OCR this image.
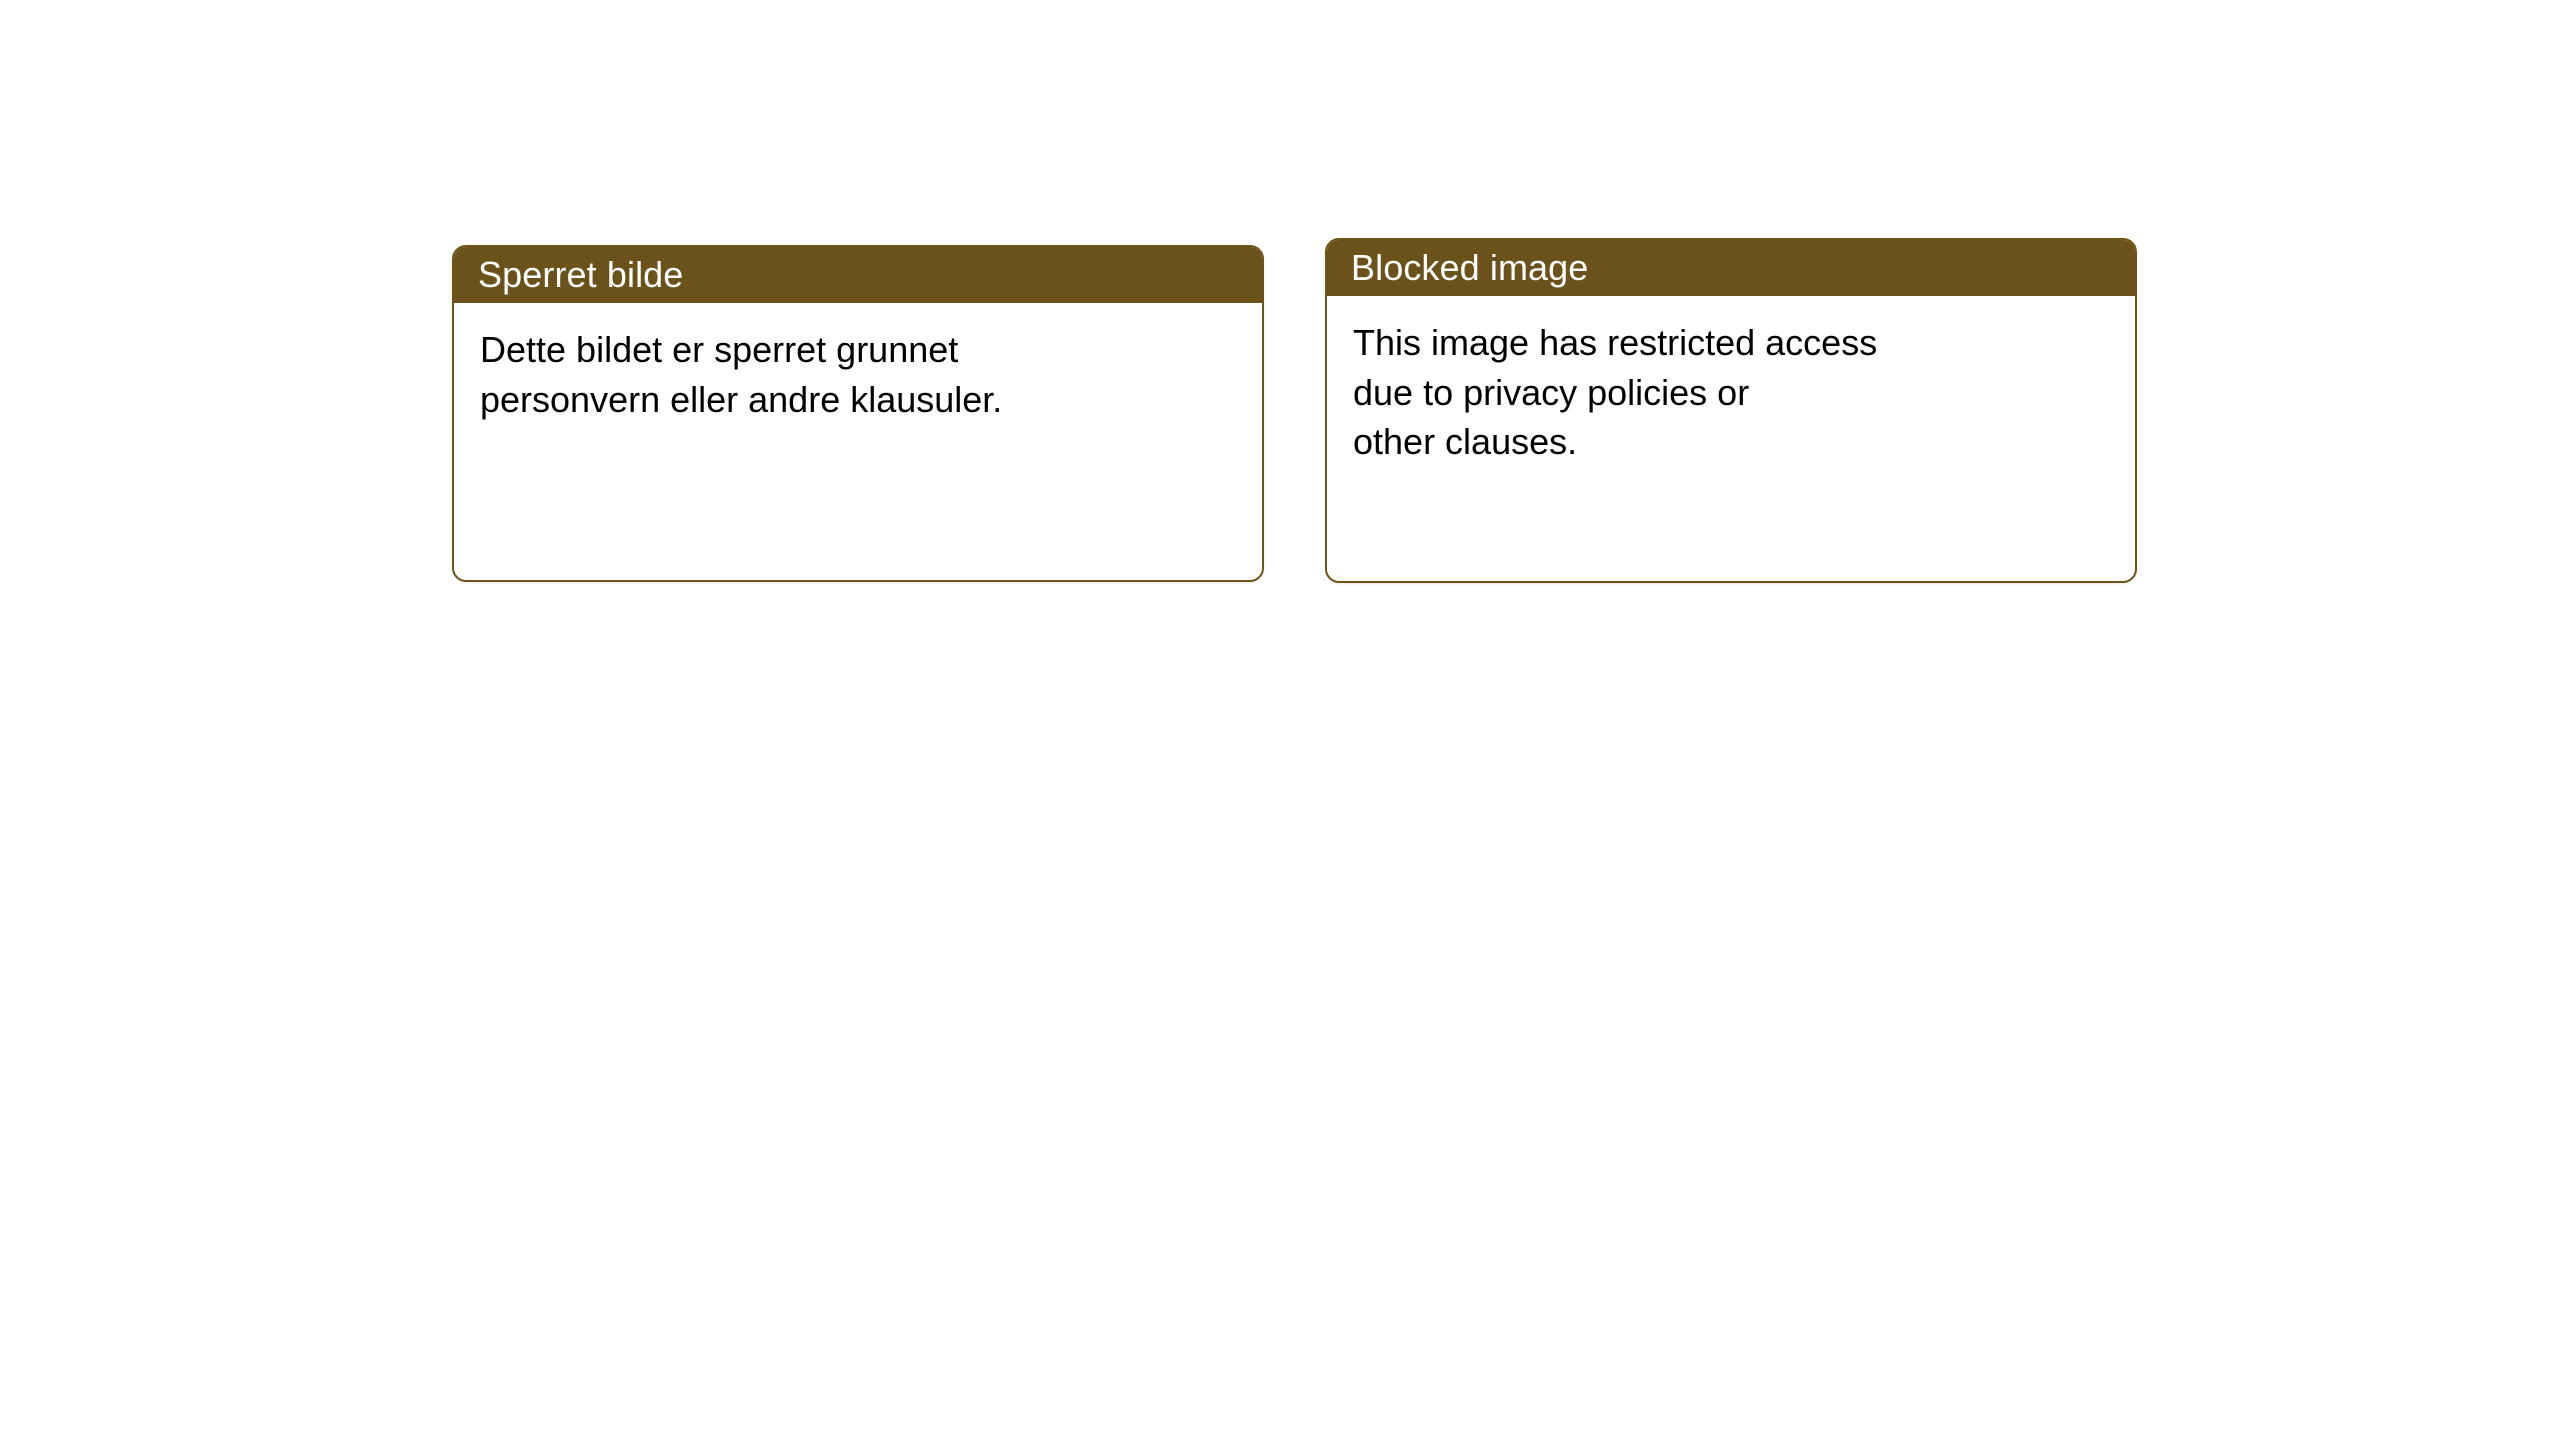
Sperret bilde

Dette bildet er sperret grunnet
personvern eller andre klausuler.

Blocked image

This image has restricted access
due to privacy policies or
other clauses.
